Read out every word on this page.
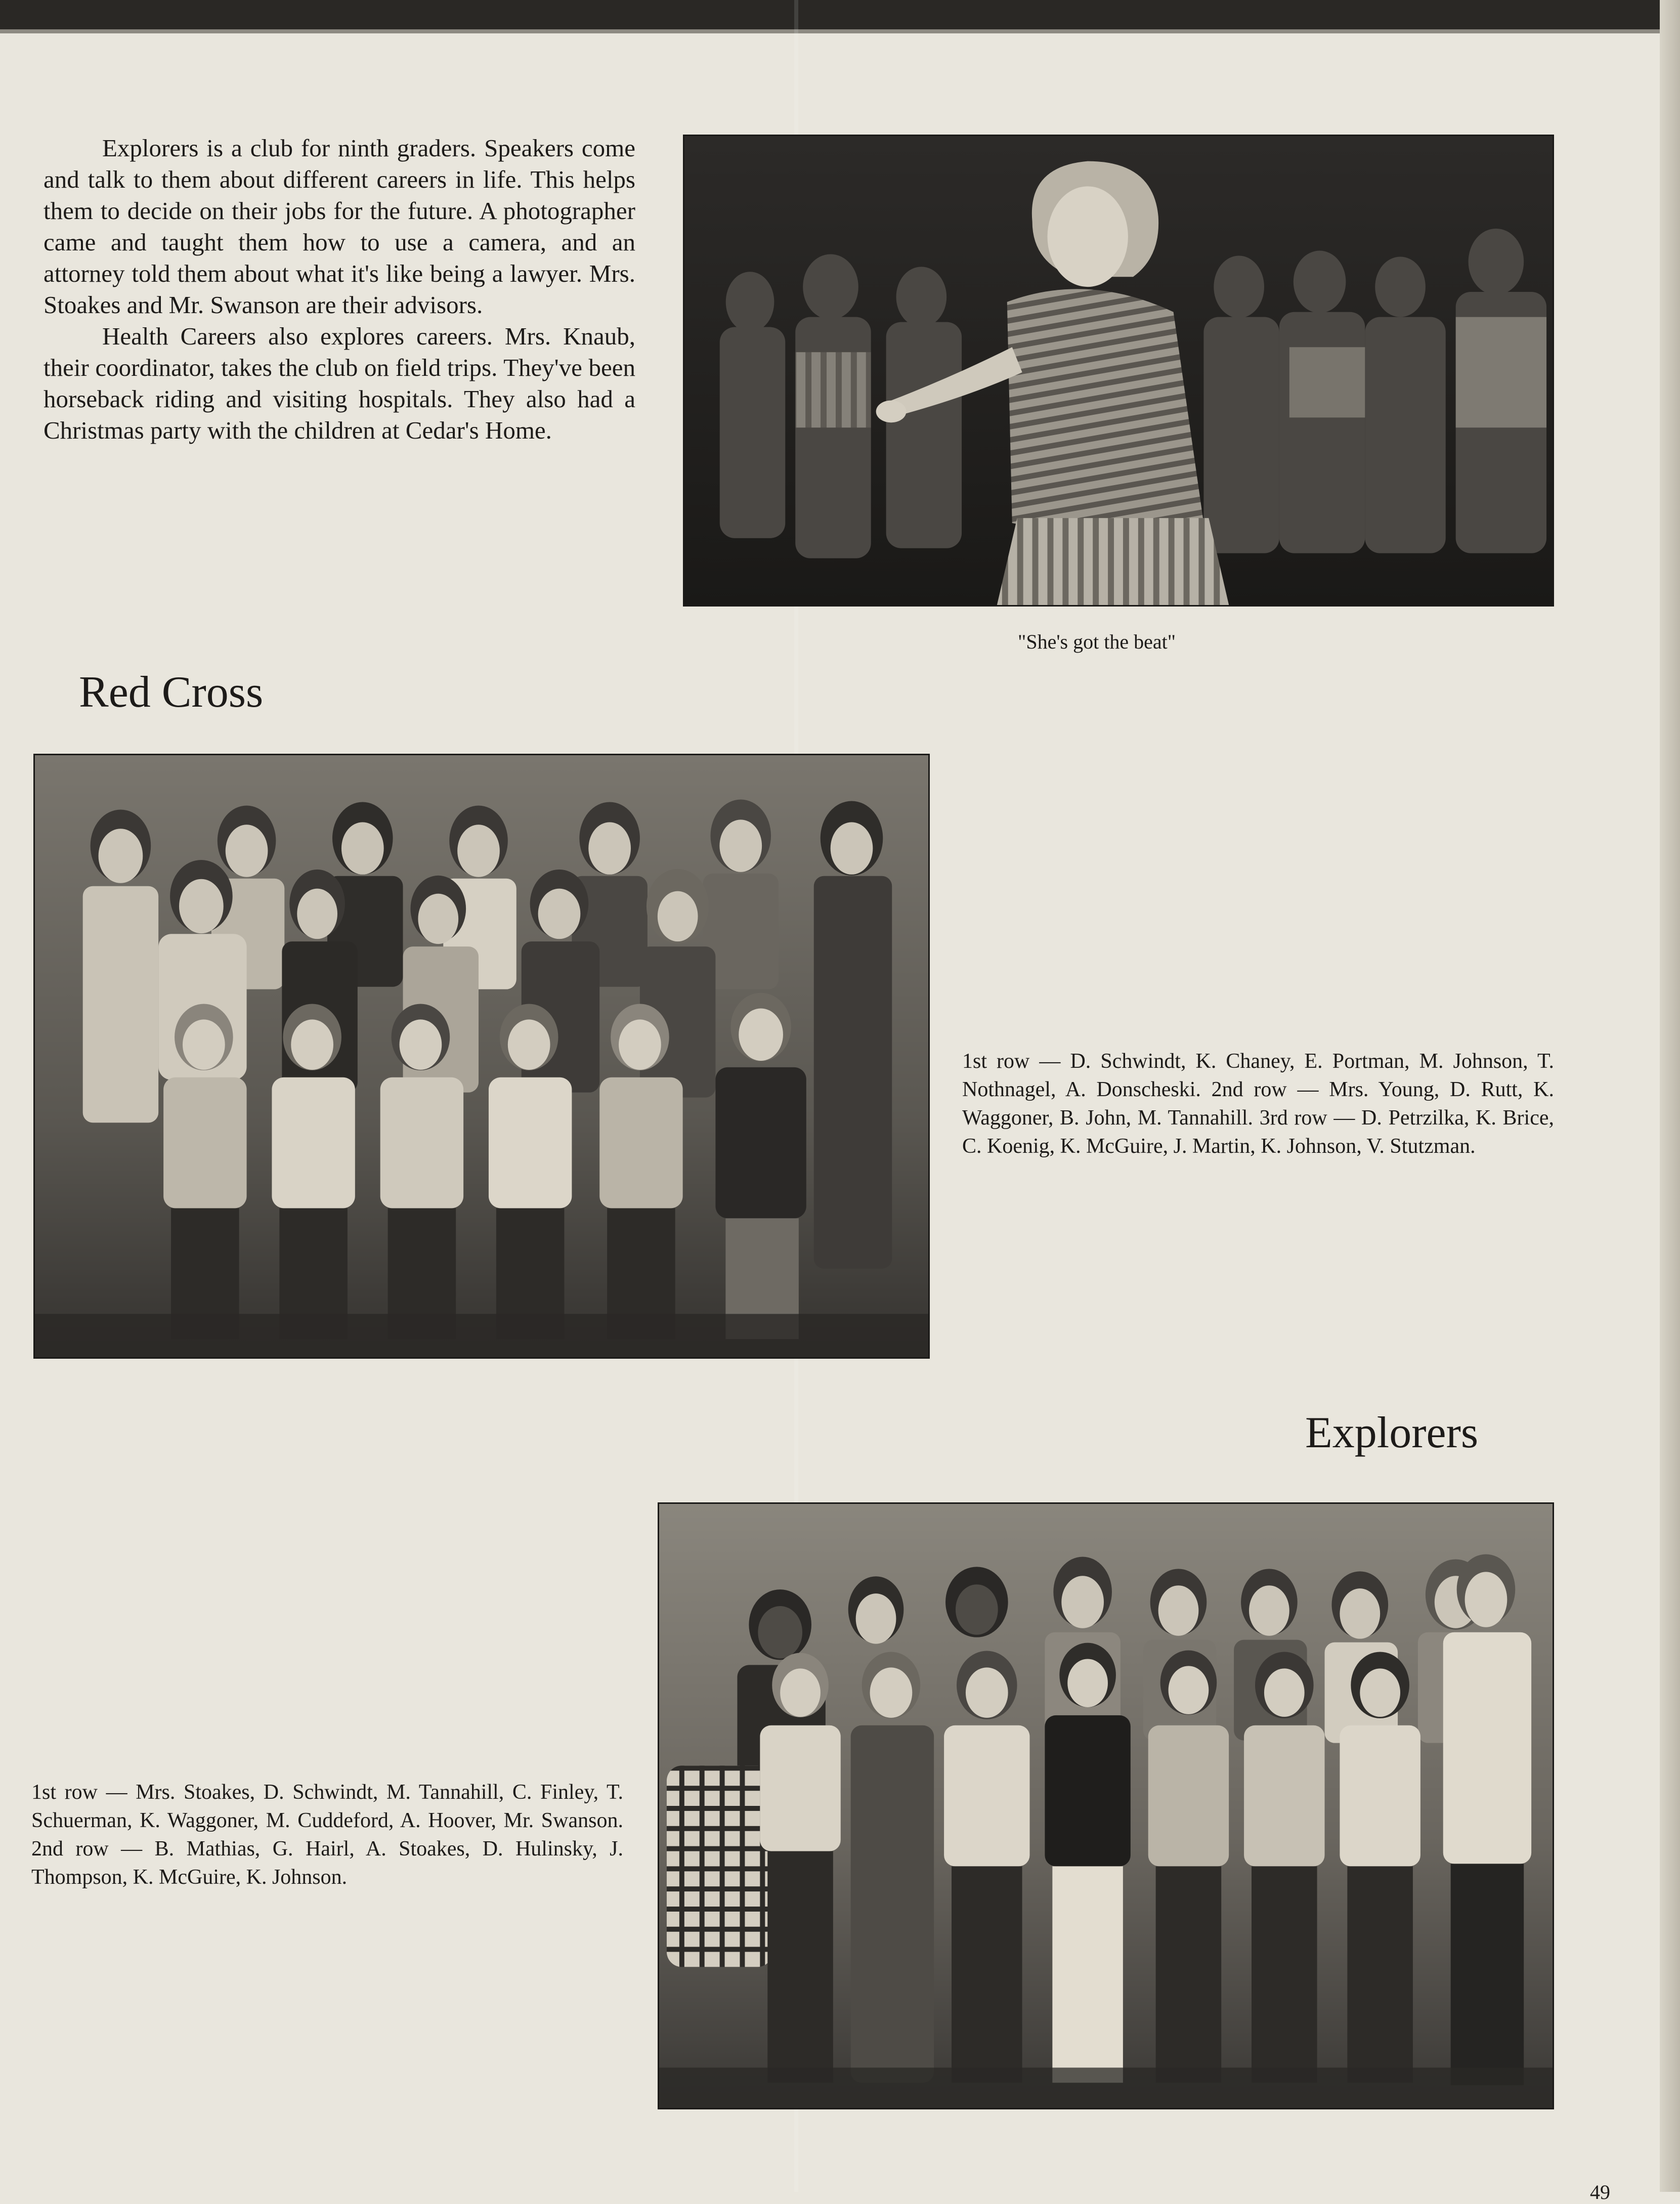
Explorers is a club for ninth graders. Speakers come and talk to them about different careers in life. This helps them to decide on their jobs for the future. A photographer came and taught them how to use a camera, and an attorney told them about what it's like being a lawyer. Mrs. Stoakes and Mr. Swanson are their advisors.

Health Careers also explores careers. Mrs. Knaub, their coordinator, takes the club on field trips. They've been horseback riding and visiting hospitals. They also had a Christmas party with the children at Cedar's Home.

"She's got the beat"

Red Cross

1st row — D. Schwindt, K. Chaney, E. Portman, M. Johnson, T. Nothnagel, A. Donscheski. 2nd row — Mrs. Young, D. Rutt, K. Waggoner, B. John, M. Tannahill. 3rd row — D. Petrzilka, K. Brice, C. Koenig, K. McGuire, J. Martin, K. Johnson, V. Stutzman.

Explorers

1st row — Mrs. Stoakes, D. Schwindt, M. Tannahill, C. Finley, T. Schuerman, K. Waggoner, M. Cuddeford, A. Hoover, Mr. Swanson. 2nd row — B. Mathias, G. Hairl, A. Stoakes, D. Hulinsky, J. Thompson, K. McGuire, K. Johnson.

49
